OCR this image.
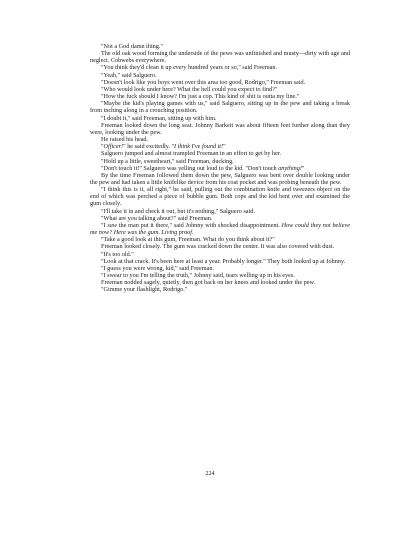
"Not a God damn thing."

The old oak wood forming the underside of the pews was unfinished and musty—dirty with age and neglect. Cobwebs everywhere.

"You think they'd clean it up every hundred years or so," said Freeman.

"Yeah," said Salguero.

"Doesn't look like you boys went over this area too good, Rodrigo," Freeman said.

"Who would look under here? What the hell could you expect to find?"

"How the fuck should I know? I'm just a cop. This kind of shit is outta my line."

"Maybe the kid's playing games with us," said Salguero, sitting up in the pew and taking a break from inching along in a crouching position.

"I doubt it," said Freeman, sitting up with him.

Freeman looked down the long seat. Johnny Barkett was about fifteen feet further along than they were, looking under the pew.

He raised his head.

"Officer!" he said excitedly. "I think I've found it!"

Salguero jumped and almost trampled Freeman in an effort to get by her.

"Hold up a little, sweetheart," said Freeman, ducking.

"Don't touch it!" Salguero was yelling out loud to the kid. "Don't touch anything!"

By the time Freeman followed them down the pew, Salguero was bent over double looking under the pew and had taken a little knifelike device from his coat pocket and was probing beneath the pew.

"I think this is it, all right," he said, pulling out the combination knife and tweezers object on the end of which was perched a piece of bubble gum. Both cops and the kid bent over and examined the gum closely.

"I'll take it in and check it out, but it's nothing," Salguero said.

"What are you talking about?" said Freeman.

"I saw the man put it there," said Johnny with shocked disappointment. How could they not believe me now? Here was the gum. Living proof.

"Take a good look at this gum, Freeman. What do you think about it?"

Freeman looked closely. The gum was cracked down the center. It was also covered with dust.

"It's too old."

"Look at that crack. It's been here at least a year. Probably longer." They both looked up at Johnny.

"I guess you were wrong, kid," said Freeman.

"I swear to you I'm telling the truth," Johnny said, tears welling up in his eyes.

Freeman nodded sagely, quietly, then got back on her knees and looked under the pew.

"Gimme your flashlight, Rodrigo."

224
